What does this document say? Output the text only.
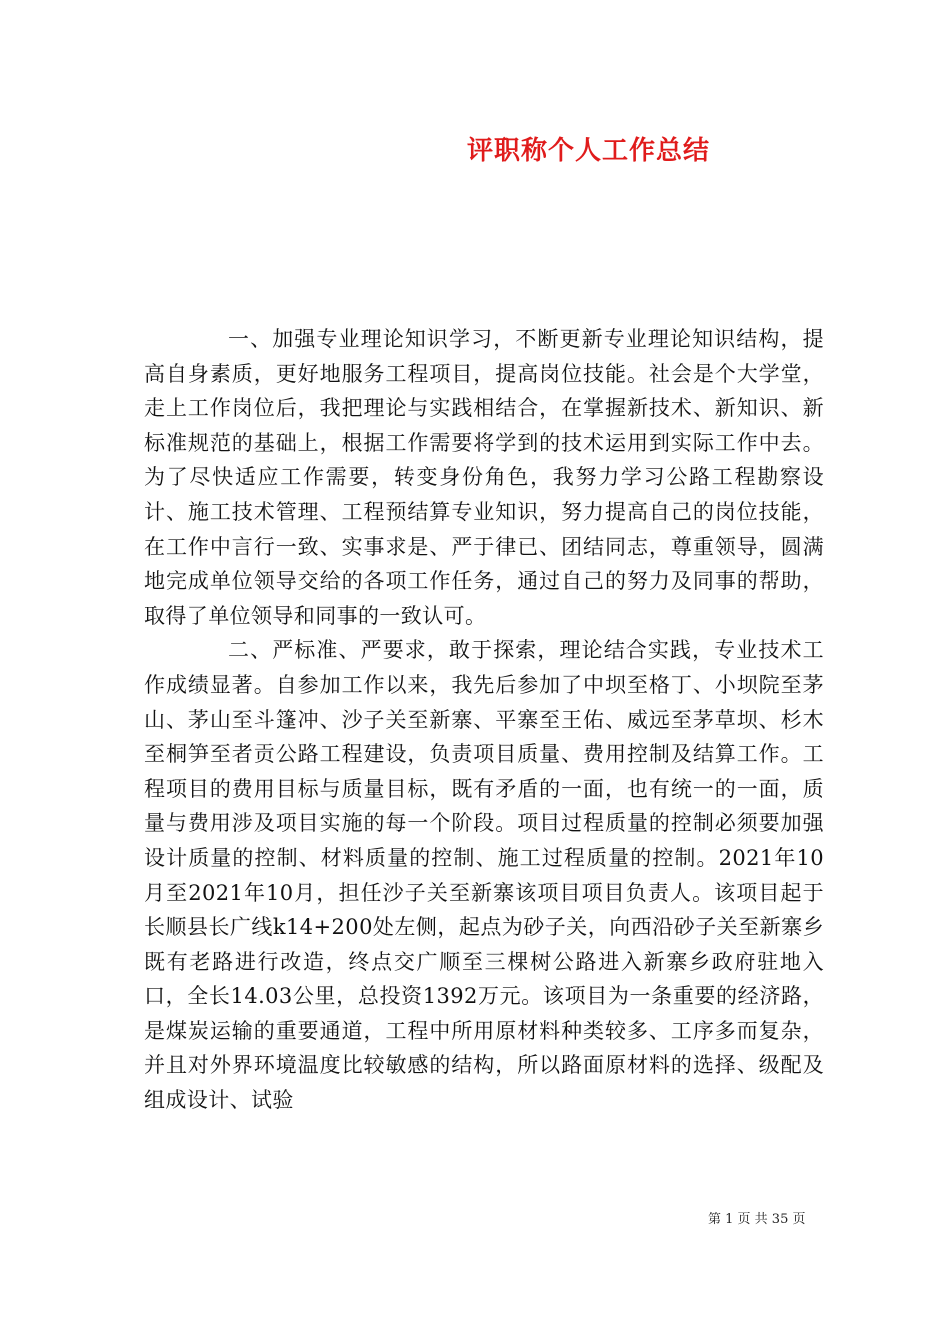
评职称个人工作总结

一、加强专业理论知识学习，不断更新专业理论知识结构，提高自身素质，更好地服务工程项目，提高岗位技能。社会是个大学堂，走上工作岗位后，我把理论与实践相结合，在掌握新技术、新知识、新标准规范的基础上，根据工作需要将学到的技术运用到实际工作中去。为了尽快适应工作需要，转变身份角色，我努力学习公路工程勘察设计、施工技术管理、工程预结算专业知识，努力提高自己的岗位技能，在工作中言行一致、实事求是、严于律已、团结同志，尊重领导，圆满地完成单位领导交给的各项工作任务，通过自己的努力及同事的帮助，取得了单位领导和同事的一致认可。

二、严标准、严要求，敢于探索，理论结合实践，专业技术工作成绩显著。自参加工作以来，我先后参加了中坝至格丁、小坝院至茅山、茅山至斗篷冲、沙子关至新寨、平寨至王佑、威远至茅草坝、杉木至桐笋至者贡公路工程建设，负责项目质量、费用控制及结算工作。工程项目的费用目标与质量目标，既有矛盾的一面，也有统一的一面，质量与费用涉及项目实施的每一个阶段。项目过程质量的控制必须要加强设计质量的控制、材料质量的控制、施工过程质量的控制。2021年10月至2021年10月，担任沙子关至新寨该项目项目负责人。该项目起于长顺县长广线k14+200处左侧，起点为砂子关，向西沿砂子关至新寨乡既有老路进行改造，终点交广顺至三棵树公路进入新寨乡政府驻地入口，全长14.03公里，总投资1392万元。该项目为一条重要的经济路，是煤炭运输的重要通道，工程中所用原材料种类较多、工序多而复杂，并且对外界环境温度比较敏感的结构，所以路面原材料的选择、级配及组成设计、试验

第 1 页 共 35 页
